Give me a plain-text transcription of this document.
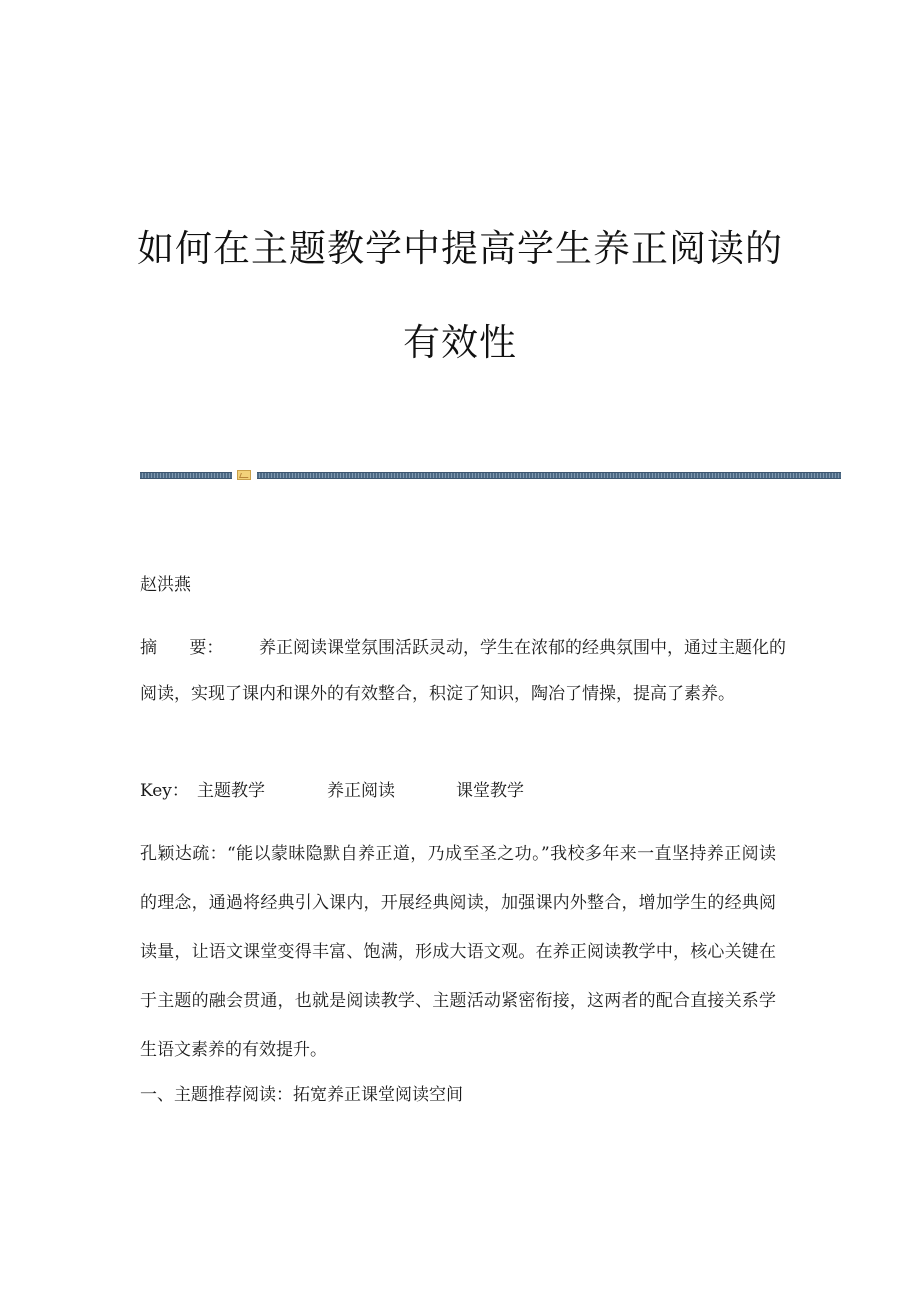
如何在主题教学中提高学生养正阅读的
有效性
赵洪燕
摘      要： 养正阅读课堂氛围活跃灵动，学生在浓郁的经典氛围中，通过主题化的阅读，实现了课内和课外的有效整合，积淀了知识，陶冶了情操，提高了素养。
Key： 主题教学	养正阅读	课堂教学
孔颖达疏：“能以蒙昧隐默自养正道，乃成至圣之功。”我校多年来一直坚持养正阅读的理念，通過将经典引入课内，开展经典阅读，加强课内外整合，增加学生的经典阅读量，让语文课堂变得丰富、饱满，形成大语文观。在养正阅读教学中，核心关键在于主题的融会贯通，也就是阅读教学、主题活动紧密衔接，这两者的配合直接关系学生语文素养的有效提升。
一、主题推荐阅读：拓宽养正课堂阅读空间
